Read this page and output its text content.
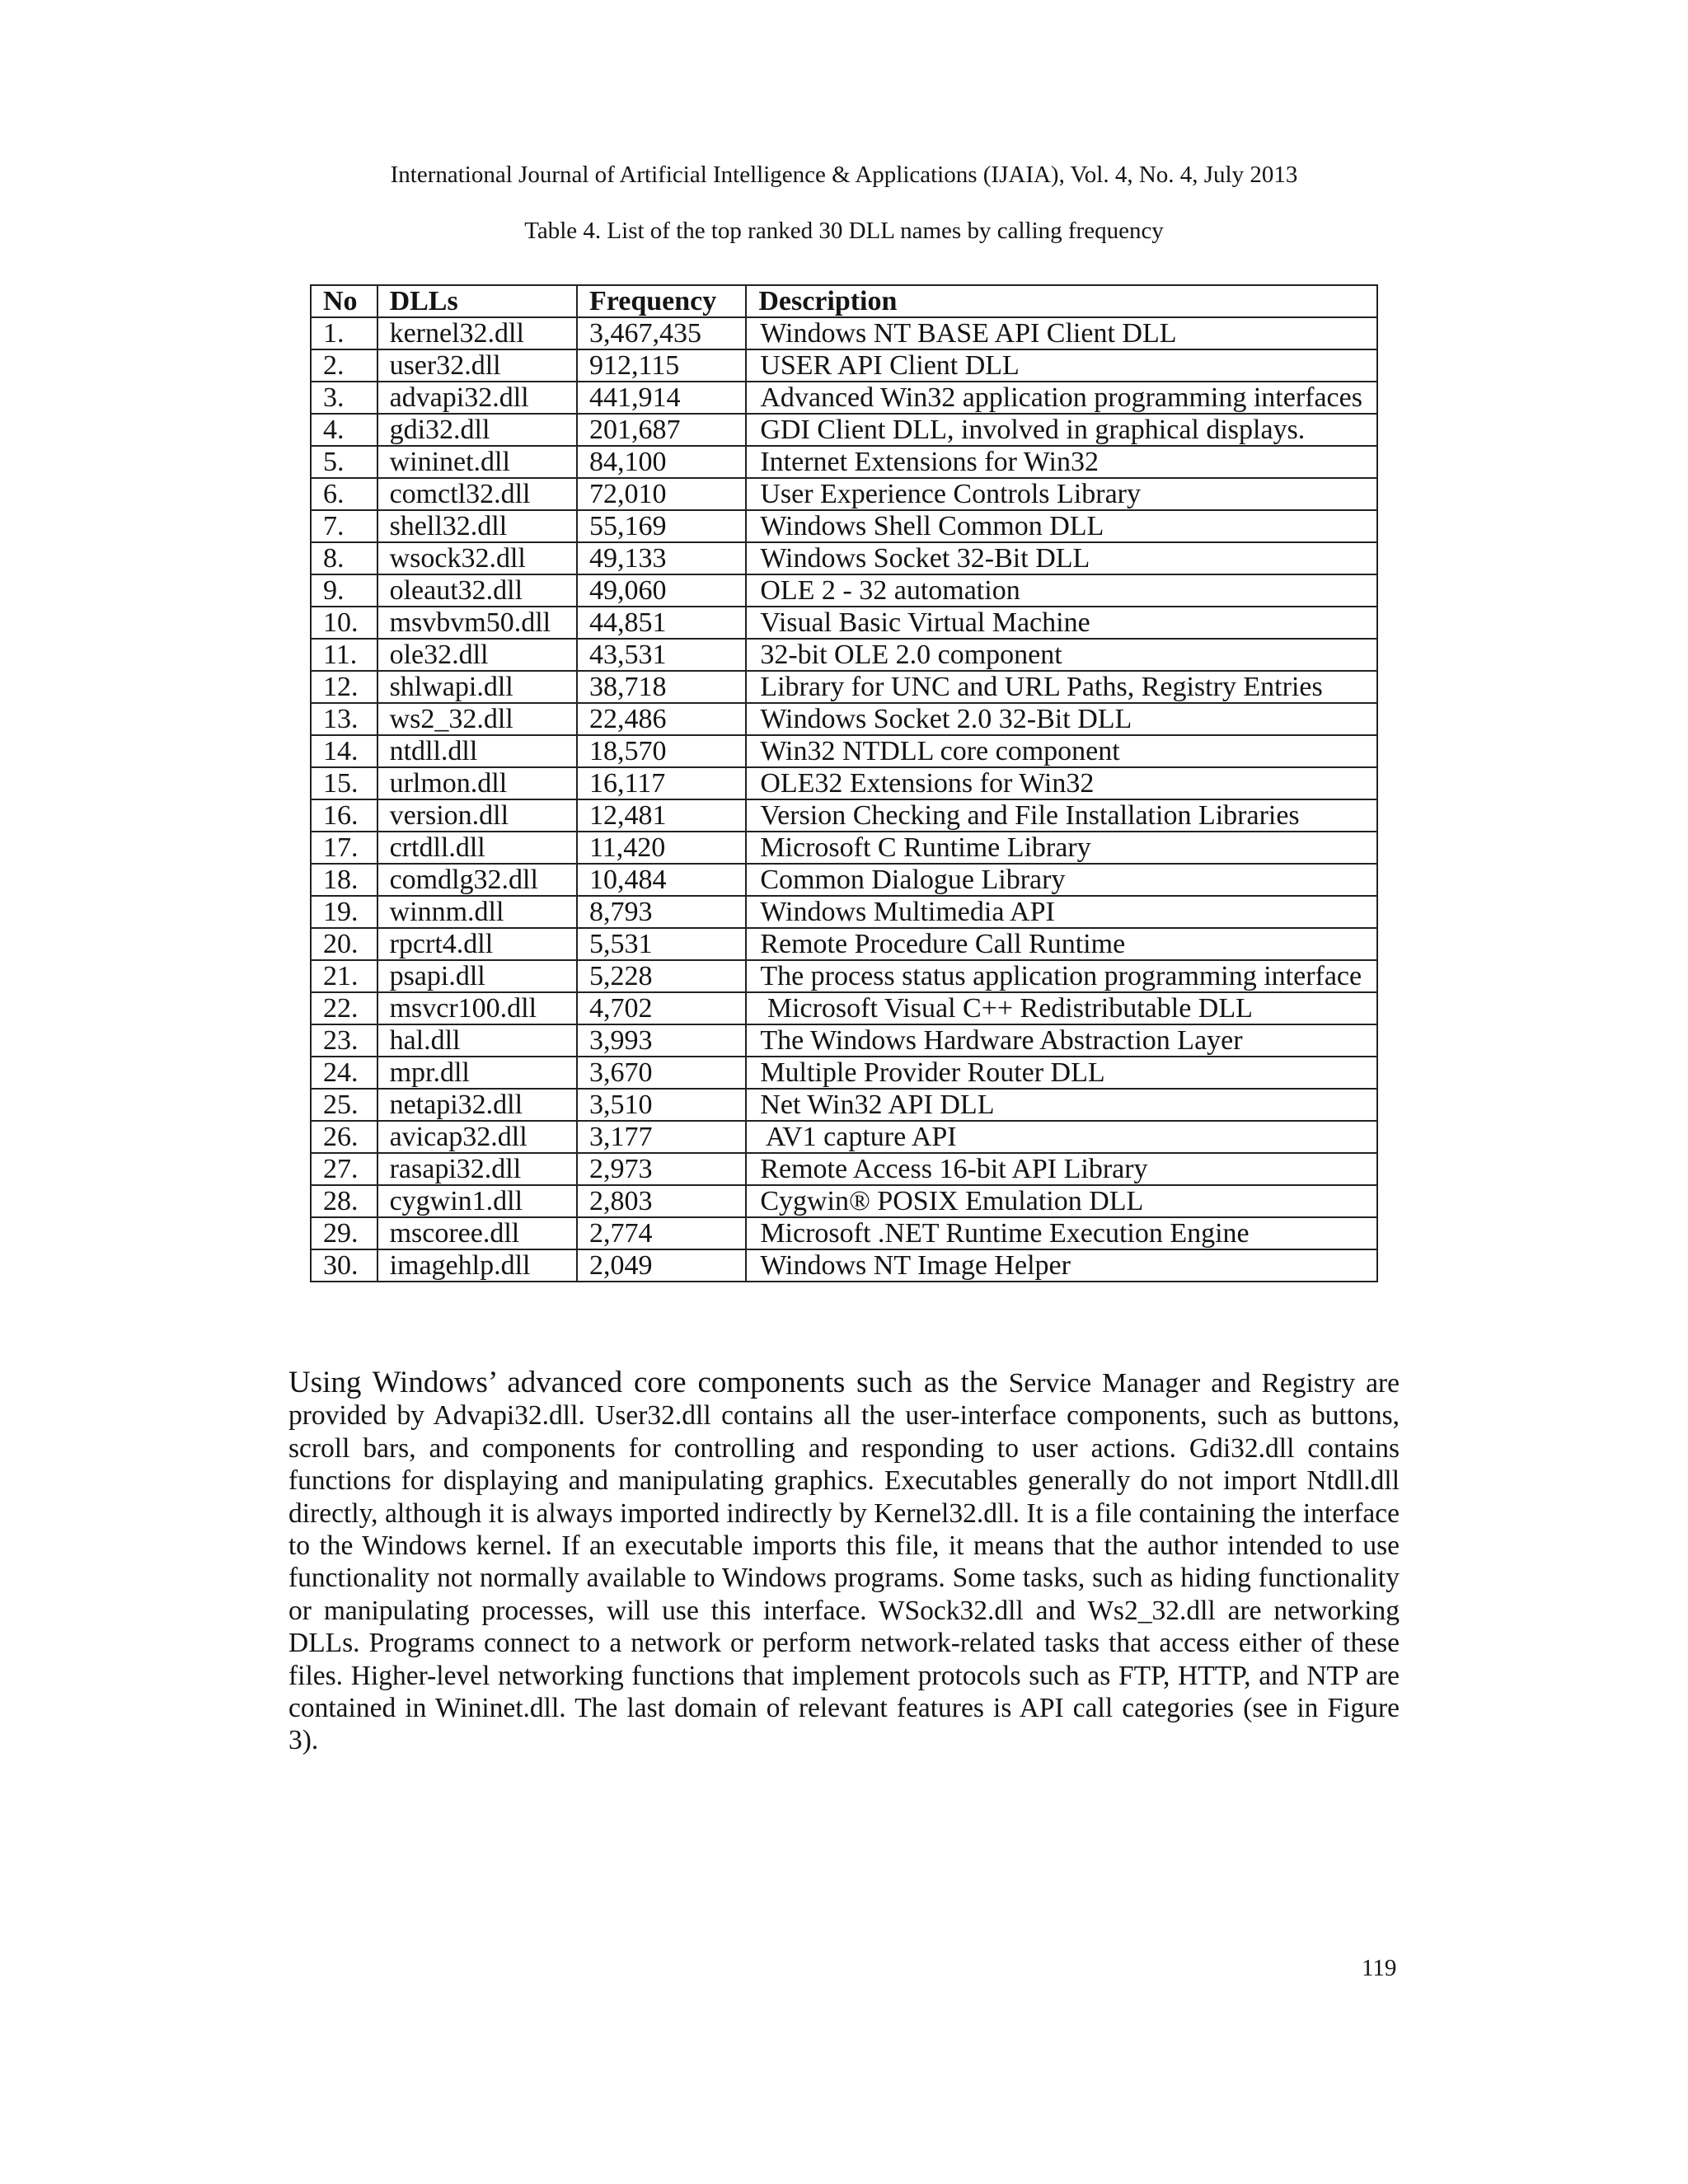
International Journal of Artificial Intelligence & Applications (IJAIA), Vol. 4, No. 4, July 2013
Table 4. List of the top ranked 30 DLL names by calling frequency
No	DLLs	Frequency	Description
1.	kernel32.dll	3,467,435	Windows NT BASE API Client DLL
2.	user32.dll	912,115	USER API Client DLL
3.	advapi32.dll	441,914	Advanced Win32 application programming interfaces
4.	gdi32.dll	201,687	GDI Client DLL, involved in graphical displays.
5.	wininet.dll	84,100	Internet Extensions for Win32
6.	comctl32.dll	72,010	User Experience Controls Library
7.	shell32.dll	55,169	Windows Shell Common DLL
8.	wsock32.dll	49,133	Windows Socket 32-Bit DLL
9.	oleaut32.dll	49,060	OLE 2 - 32 automation
10.	msvbvm50.dll	44,851	Visual Basic Virtual Machine
11.	ole32.dll	43,531	32-bit OLE 2.0 component
12.	shlwapi.dll	38,718	Library for UNC and URL Paths, Registry Entries
13.	ws2_32.dll	22,486	Windows Socket 2.0 32-Bit DLL
14.	ntdll.dll	18,570	Win32 NTDLL core component
15.	urlmon.dll	16,117	OLE32 Extensions for Win32
16.	version.dll	12,481	Version Checking and File Installation Libraries
17.	crtdll.dll	11,420	Microsoft C Runtime Library
18.	comdlg32.dll	10,484	Common Dialogue Library
19.	winnm.dll	8,793	Windows Multimedia API
20.	rpcrt4.dll	5,531	Remote Procedure Call Runtime
21.	psapi.dll	5,228	The process status application programming interface
22.	msvcr100.dll	4,702	Microsoft Visual C++ Redistributable DLL
23.	hal.dll	3,993	The Windows Hardware Abstraction Layer
24.	mpr.dll	3,670	Multiple Provider Router DLL
25.	netapi32.dll	3,510	Net Win32 API DLL
26.	avicap32.dll	3,177	AV1 capture API
27.	rasapi32.dll	2,973	Remote Access 16-bit API Library
28.	cygwin1.dll	2,803	Cygwin® POSIX Emulation DLL
29.	mscoree.dll	2,774	Microsoft .NET Runtime Execution Engine
30.	imagehlp.dll	2,049	Windows NT Image Helper
Using Windows’ advanced core components such as the Service Manager and Registry are provided by Advapi32.dll. User32.dll contains all the user-interface components, such as buttons, scroll bars, and components for controlling and responding to user actions. Gdi32.dll contains functions for displaying and manipulating graphics. Executables generally do not import Ntdll.dll directly, although it is always imported indirectly by Kernel32.dll. It is a file containing the interface to the Windows kernel. If an executable imports this file, it means that the author intended to use functionality not normally available to Windows programs. Some tasks, such as hiding functionality or manipulating processes, will use this interface. WSock32.dll and Ws2_32.dll are networking DLLs. Programs connect to a network or perform network-related tasks that access either of these files. Higher-level networking functions that implement protocols such as FTP, HTTP, and NTP are contained in Wininet.dll. The last domain of relevant features is API call categories (see in Figure 3).
119
